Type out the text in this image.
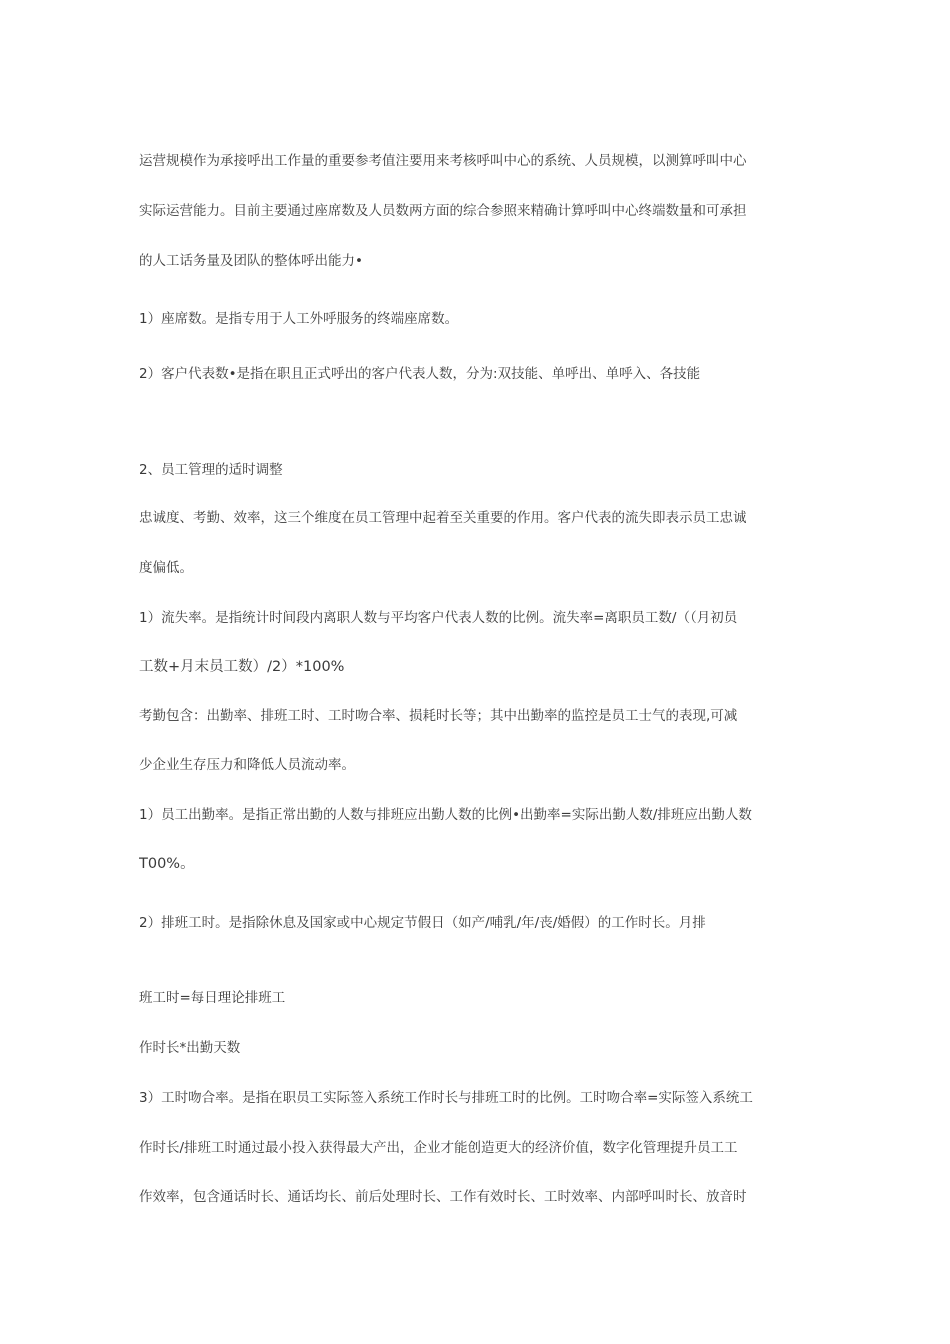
运营规模作为承接呼出工作量的重要参考值注要用来考核呼叫中心的系统、人员规模，以测算呼叫中心

实际运营能力。目前主要通过座席数及人员数两方面的综合参照来精确计算呼叫中心终端数量和可承担

的人工话务量及团队的整体呼出能力•

1）座席数。是指专用于人工外呼服务的终端座席数。

2）客户代表数•是指在职且正式呼出的客户代表人数，分为:双技能、单呼出、单呼入、各技能

2、员工管理的适时调整

忠诚度、考勤、效率，这三个维度在员工管理中起着至关重要的作用。客户代表的流失即表示员工忠诚

度偏低。

1）流失率。是指统计时间段内离职人数与平均客户代表人数的比例。流失率=离职员工数/（（月初员

工数+月末员工数）/2）*100%

考勤包含：出勤率、排班工时、工时吻合率、损耗时长等；其中出勤率的监控是员工士气的表现,可减

少企业生存压力和降低人员流动率。

1）员工出勤率。是指正常出勤的人数与排班应出勤人数的比例•出勤率=实际出勤人数/排班应出勤人数

T00%。

2）排班工时。是指除休息及国家或中心规定节假日（如产/哺乳/年/丧/婚假）的工作时长。月排

班工时=每日理论排班工

作时长*出勤天数

3）工时吻合率。是指在职员工实际签入系统工作时长与排班工时的比例。工时吻合率=实际签入系统工

作时长/排班工时通过最小投入获得最大产出，企业才能创造更大的经济价值，数字化管理提升员工工

作效率，包含通话时长、通话均长、前后处理时长、工作有效时长、工时效率、内部呼叫时长、放音时
